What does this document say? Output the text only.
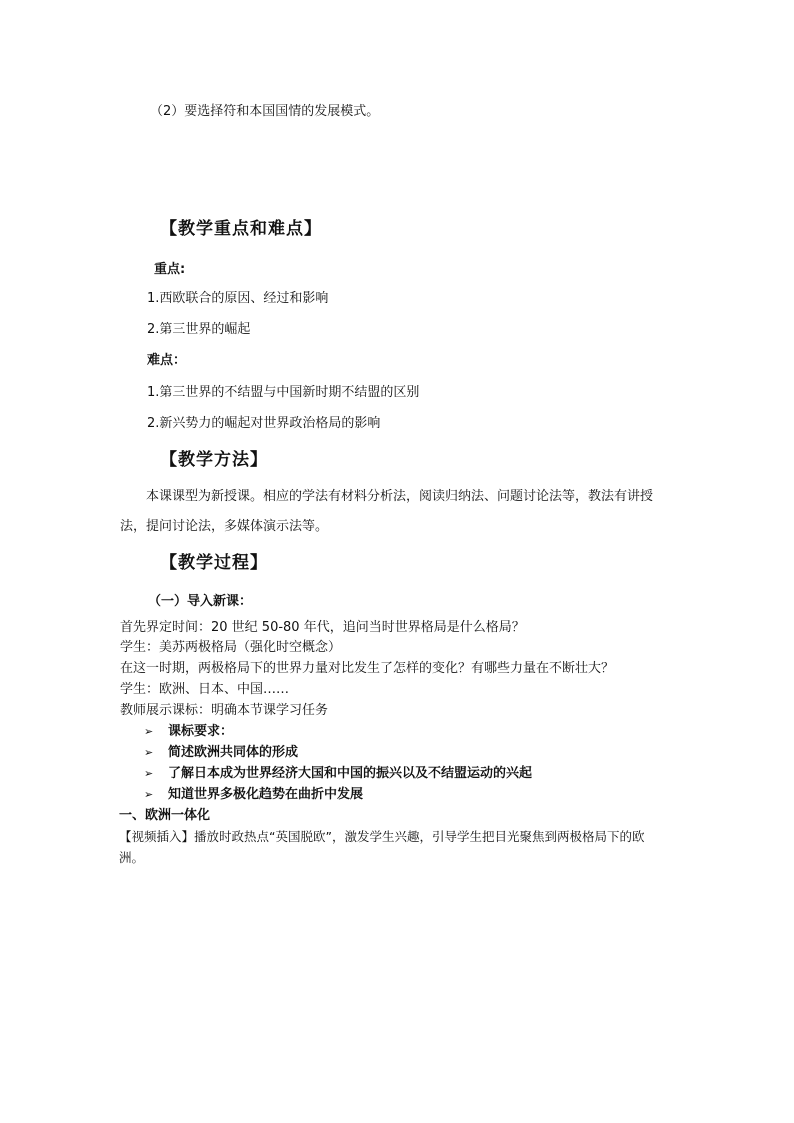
（2）要选择符和本国国情的发展模式。
【教学重点和难点】
重点:
1.西欧联合的原因、经过和影响
2.第三世界的崛起
难点：
1.第三世界的不结盟与中国新时期不结盟的区别
2.新兴势力的崛起对世界政治格局的影响
【教学方法】
本课课型为新授课。相应的学法有材料分析法，阅读归纳法、问题讨论法等，教法有讲授法，提问讨论法，多媒体演示法等。
【教学过程】
（一）导入新课：
首先界定时间：20 世纪 50-80 年代，追问当时世界格局是什么格局？
学生：美苏两极格局（强化时空概念）
在这一时期，两极格局下的世界力量对比发生了怎样的变化？有哪些力量在不断壮大？
学生：欧洲、日本、中国……
教师展示课标：明确本节课学习任务
➢ 课标要求：
➢ 简述欧洲共同体的形成
➢ 了解日本成为世界经济大国和中国的振兴以及不结盟运动的兴起
➢ 知道世界多极化趋势在曲折中发展
一、欧洲一体化
【视频插入】播放时政热点“英国脱欧”，激发学生兴趣，引导学生把目光聚焦到两极格局下的欧洲。
